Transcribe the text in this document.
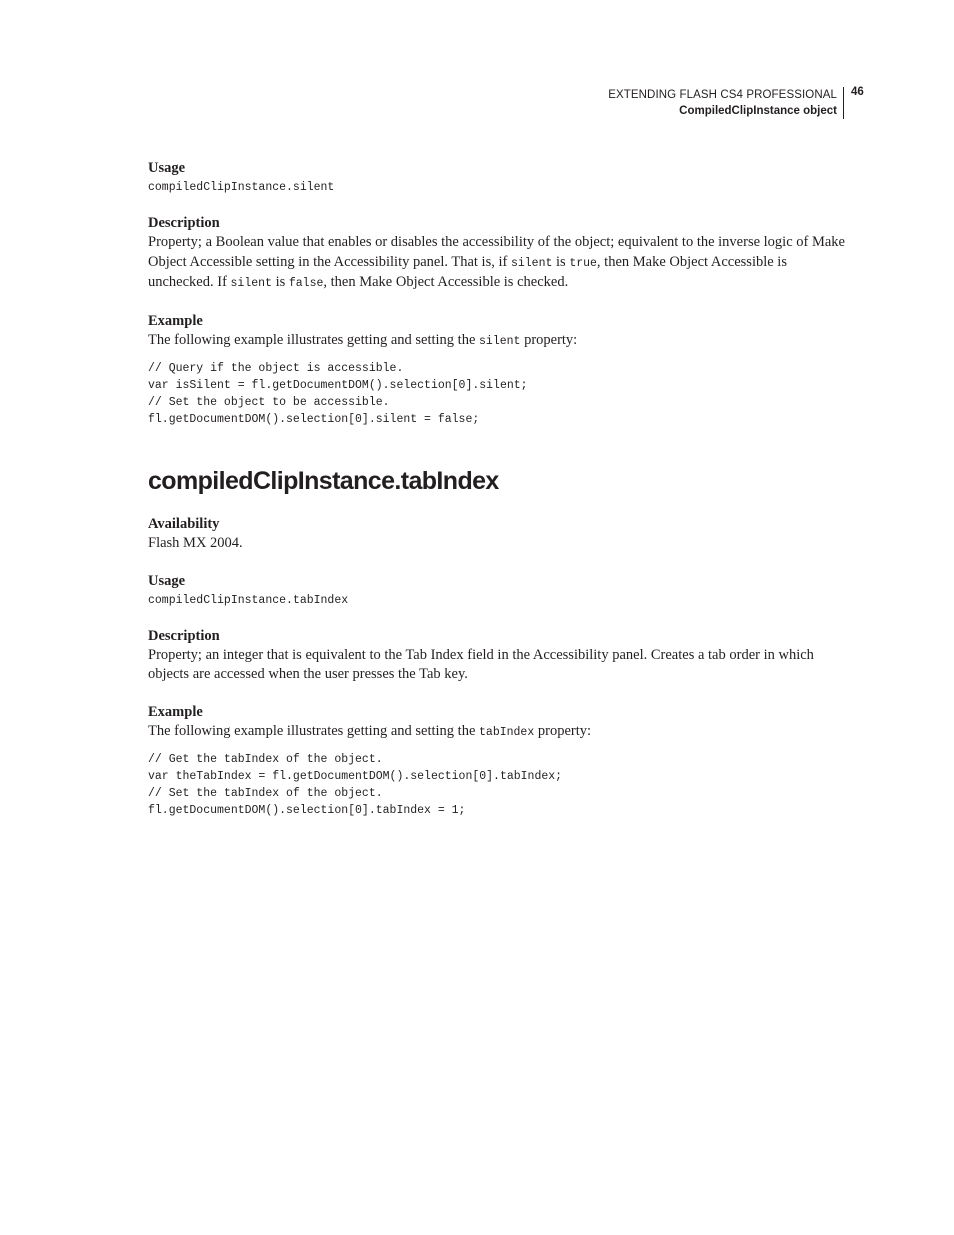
EXTENDING FLASH CS4 PROFESSIONAL
CompiledClipInstance object
46

Usage

compiledClipInstance.silent

Description

Property; a Boolean value that enables or disables the accessibility of the object; equivalent to the inverse logic of Make Object Accessible setting in the Accessibility panel. That is, if silent is true, then Make Object Accessible is unchecked. If silent is false, then Make Object Accessible is checked.

Example

The following example illustrates getting and setting the silent property:

// Query if the object is accessible.

var isSilent = fl.getDocumentDOM().selection[0].silent;

// Set the object to be accessible.

fl.getDocumentDOM().selection[0].silent = false;

compiledClipInstance.tabIndex

Availability

Flash MX 2004.

Usage

compiledClipInstance.tabIndex

Description

Property; an integer that is equivalent to the Tab Index field in the Accessibility panel. Creates a tab order in which objects are accessed when the user presses the Tab key.

Example

The following example illustrates getting and setting the tabIndex property:

// Get the tabIndex of the object.

var theTabIndex = fl.getDocumentDOM().selection[0].tabIndex;

// Set the tabIndex of the object.

fl.getDocumentDOM().selection[0].tabIndex = 1;
